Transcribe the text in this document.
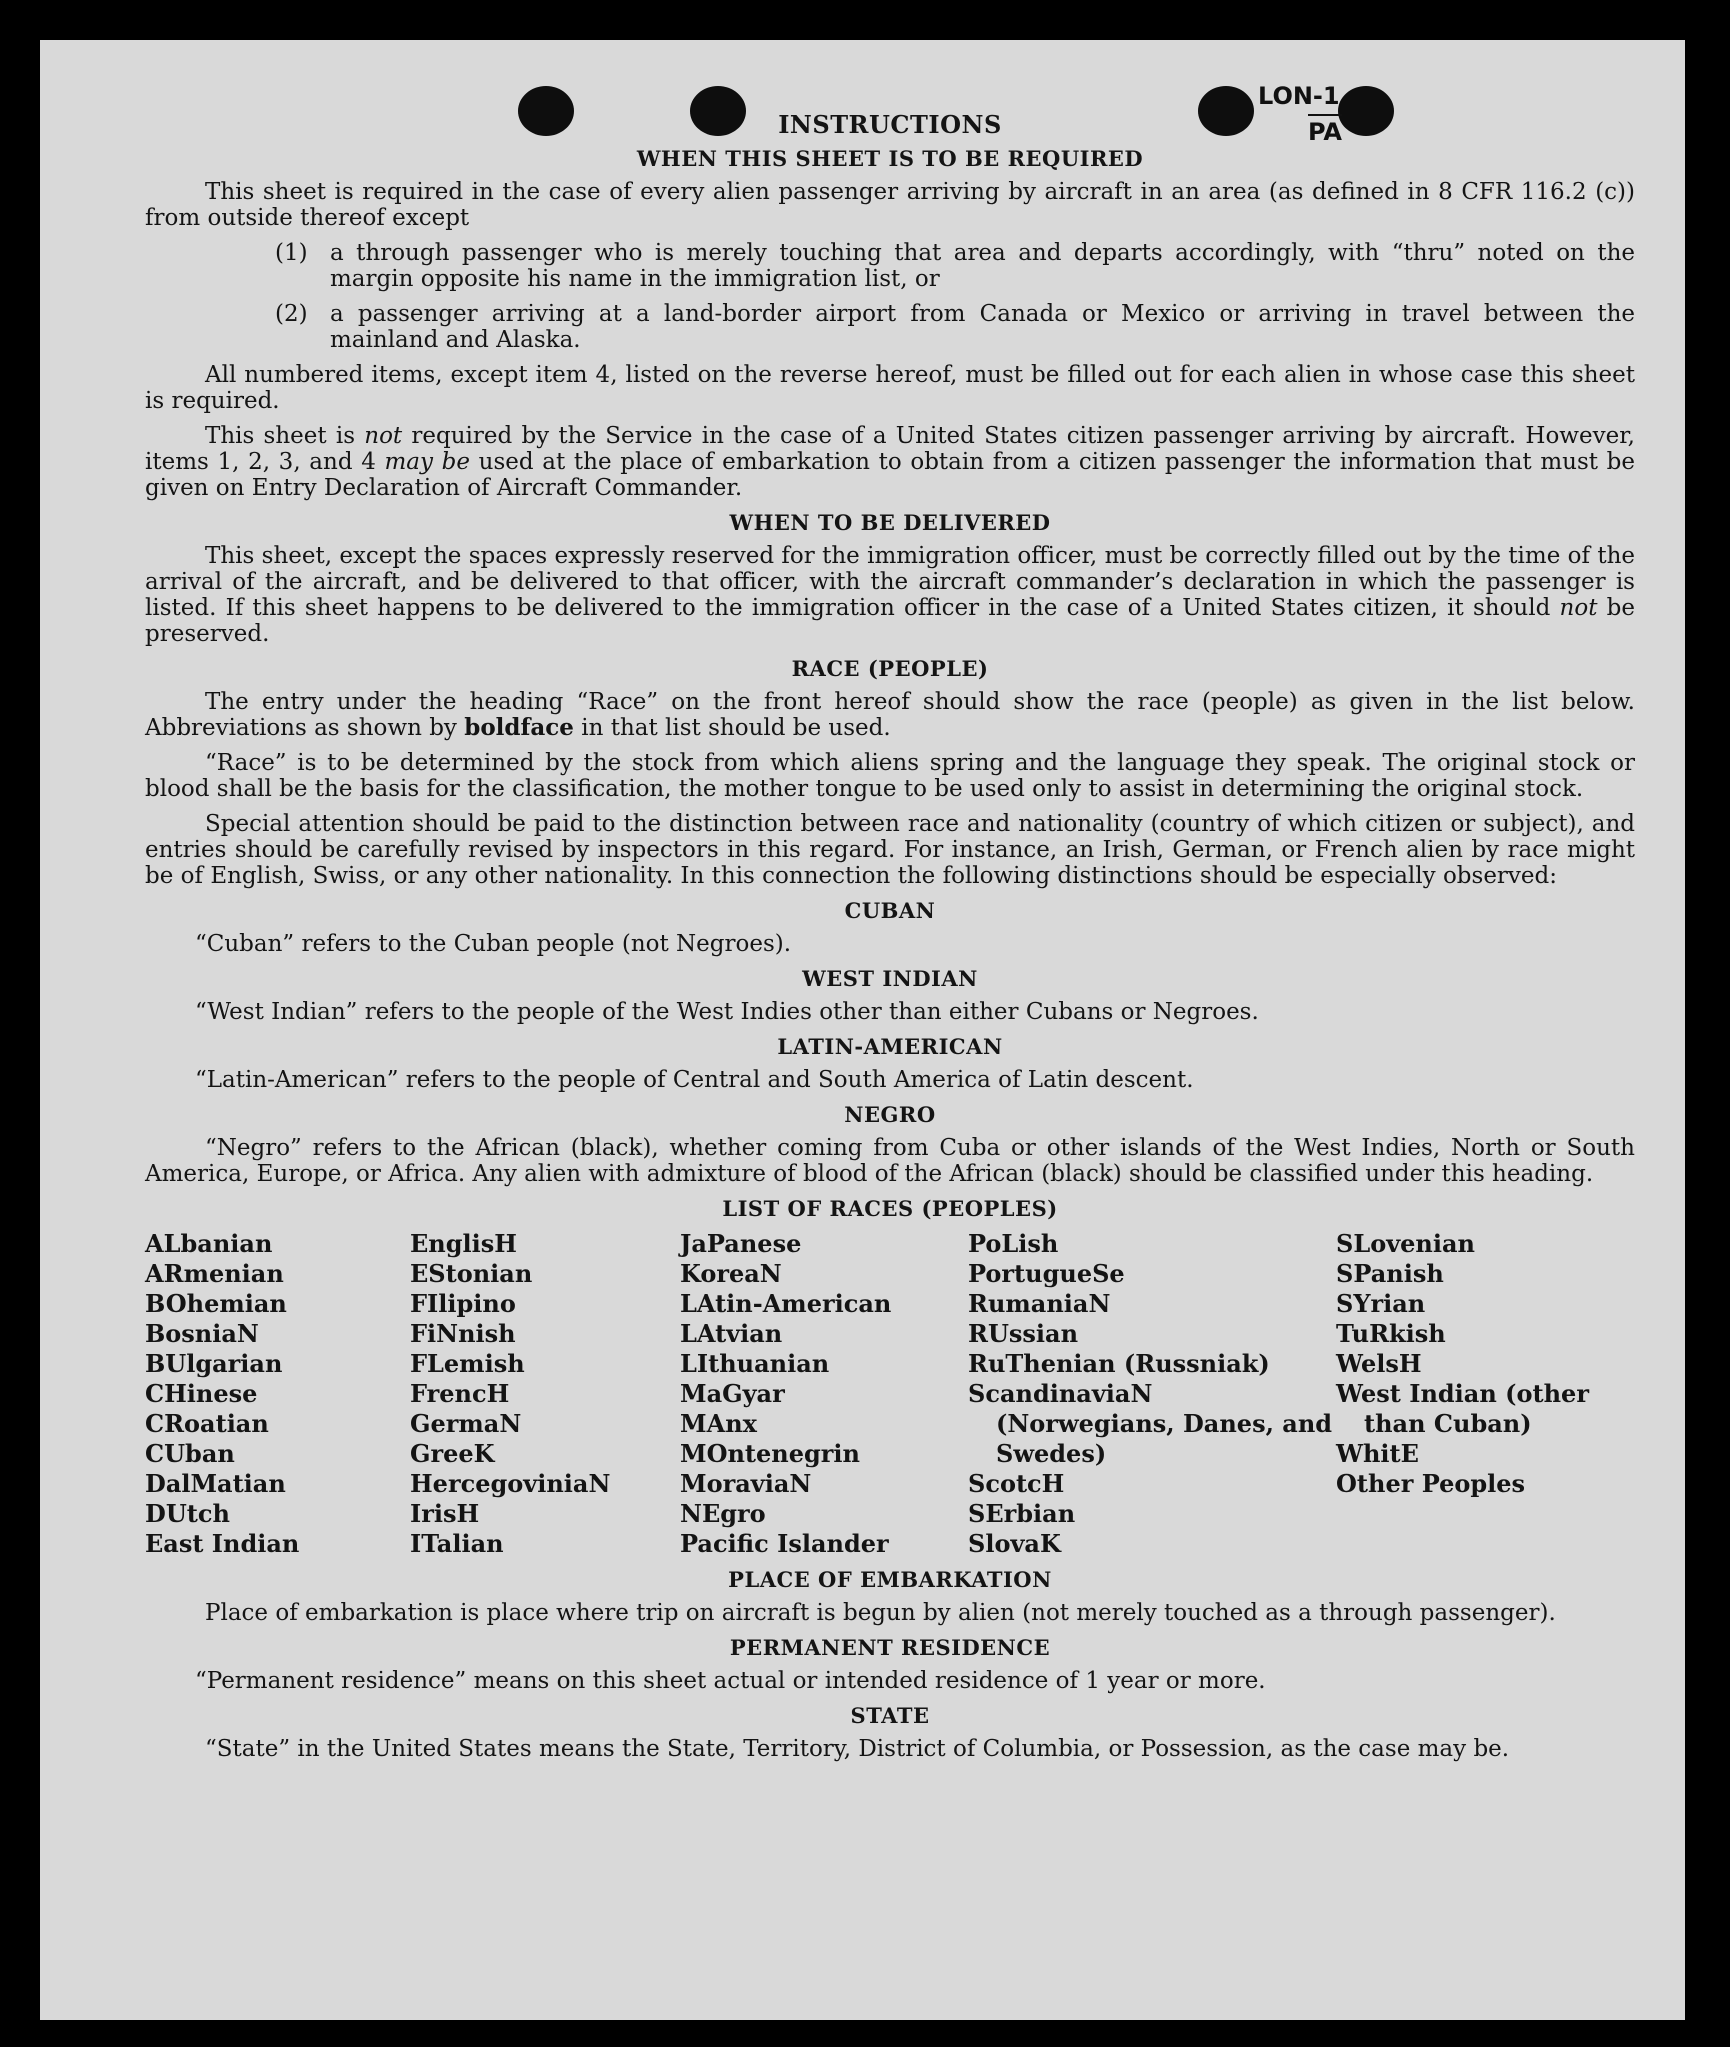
LON-1
PA
INSTRUCTIONS
WHEN THIS SHEET IS TO BE REQUIRED

This sheet is required in the case of every alien passenger arriving by aircraft in an area (as defined in 8 CFR 116.2 (c)) from outside thereof except

(1) a through passenger who is merely touching that area and departs accordingly, with “thru” noted on the margin opposite his name in the immigration list, or
(2) a passenger arriving at a land-border airport from Canada or Mexico or arriving in travel between the mainland and Alaska.

All numbered items, except item 4, listed on the reverse hereof, must be filled out for each alien in whose case this sheet is required.

This sheet is not required by the Service in the case of a United States citizen passenger arriving by aircraft. However, items 1, 2, 3, and 4 may be used at the place of embarkation to obtain from a citizen passenger the information that must be given on Entry Declaration of Aircraft Commander.

WHEN TO BE DELIVERED

This sheet, except the spaces expressly reserved for the immigration officer, must be correctly filled out by the time of the arrival of the aircraft, and be delivered to that officer, with the aircraft commander’s declaration in which the passenger is listed. If this sheet happens to be delivered to the immigration officer in the case of a United States citizen, it should not be preserved.

RACE (PEOPLE)

The entry under the heading “Race” on the front hereof should show the race (people) as given in the list below. Abbreviations as shown by boldface in that list should be used.

“Race” is to be determined by the stock from which aliens spring and the language they speak. The original stock or blood shall be the basis for the classification, the mother tongue to be used only to assist in determining the original stock.

Special attention should be paid to the distinction between race and nationality (country of which citizen or subject), and entries should be carefully revised by inspectors in this regard. For instance, an Irish, German, or French alien by race might be of English, Swiss, or any other nationality. In this connection the following distinctions should be especially observed:

CUBAN

“Cuban” refers to the Cuban people (not Negroes).

WEST INDIAN

“West Indian” refers to the people of the West Indies other than either Cubans or Negroes.

LATIN-AMERICAN

“Latin-American” refers to the people of Central and South America of Latin descent.

NEGRO

“Negro” refers to the African (black), whether coming from Cuba or other islands of the West Indies, North or South America, Europe, or Africa. Any alien with admixture of blood of the African (black) should be classified under this heading.

LIST OF RACES (PEOPLES)
ALbanian
ARmenian
BOhemian
BosniaN
BUlgarian
CHinese
CRoatian
CUban
DalMatian
DUtch
East Indian
EnglisH
EStonian
FIlipino
FiNnish
FLemish
FrencH
GermaN
GreeK
HercegoviniaN
IrisH
ITalian
JaPanese
KoreaN
LAtin-American
LAtvian
LIthuanian
MaGyar
MAnx
MOntenegrin
MoraviaN
NEgro
Pacific Islander
PoLish
PortugueSe
RumaniaN
RUssian
RuThenian (Russniak)
ScandinaviaN (Norwegians, Danes, and Swedes)
ScotcH
SErbian
SlovaK
SLovenian
SPanish
SYrian
TuRkish
WelsH
West Indian (other than Cuban)
WhitE
Other Peoples
PLACE OF EMBARKATION

Place of embarkation is place where trip on aircraft is begun by alien (not merely touched as a through passenger).

PERMANENT RESIDENCE

“Permanent residence” means on this sheet actual or intended residence of 1 year or more.

STATE

“State” in the United States means the State, Territory, District of Columbia, or Possession, as the case may be.
